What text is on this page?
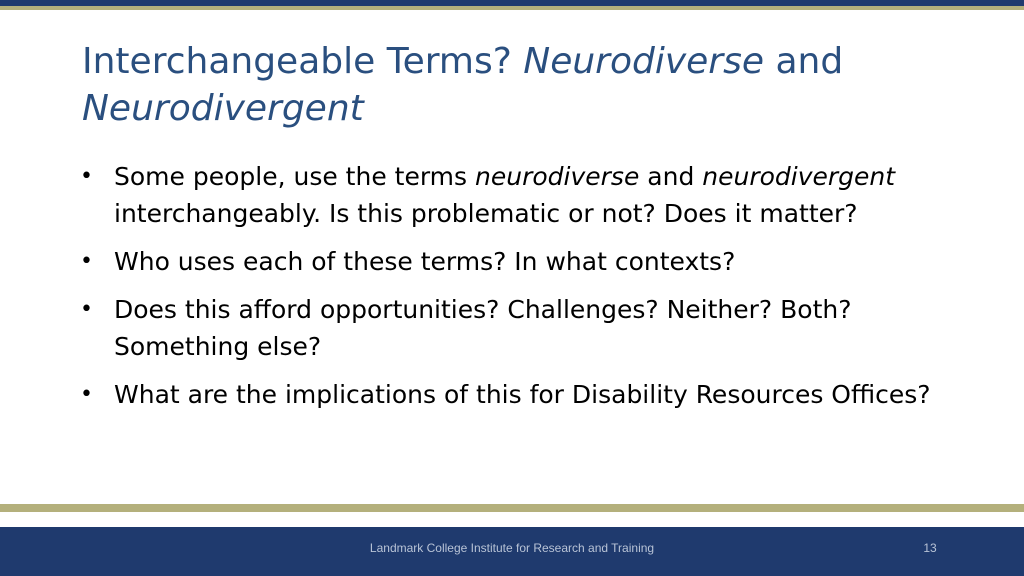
Interchangeable Terms? Neurodiverse and
Neurodivergent
• Some people, use the terms neurodiverse and neurodivergent interchangeably. Is this problematic or not? Does it matter?
• Who uses each of these terms? In what contexts?
• Does this afford opportunities? Challenges? Neither? Both? Something else?
• What are the implications of this for Disability Resources Offices?
Landmark College Institute for Research and Training	13
